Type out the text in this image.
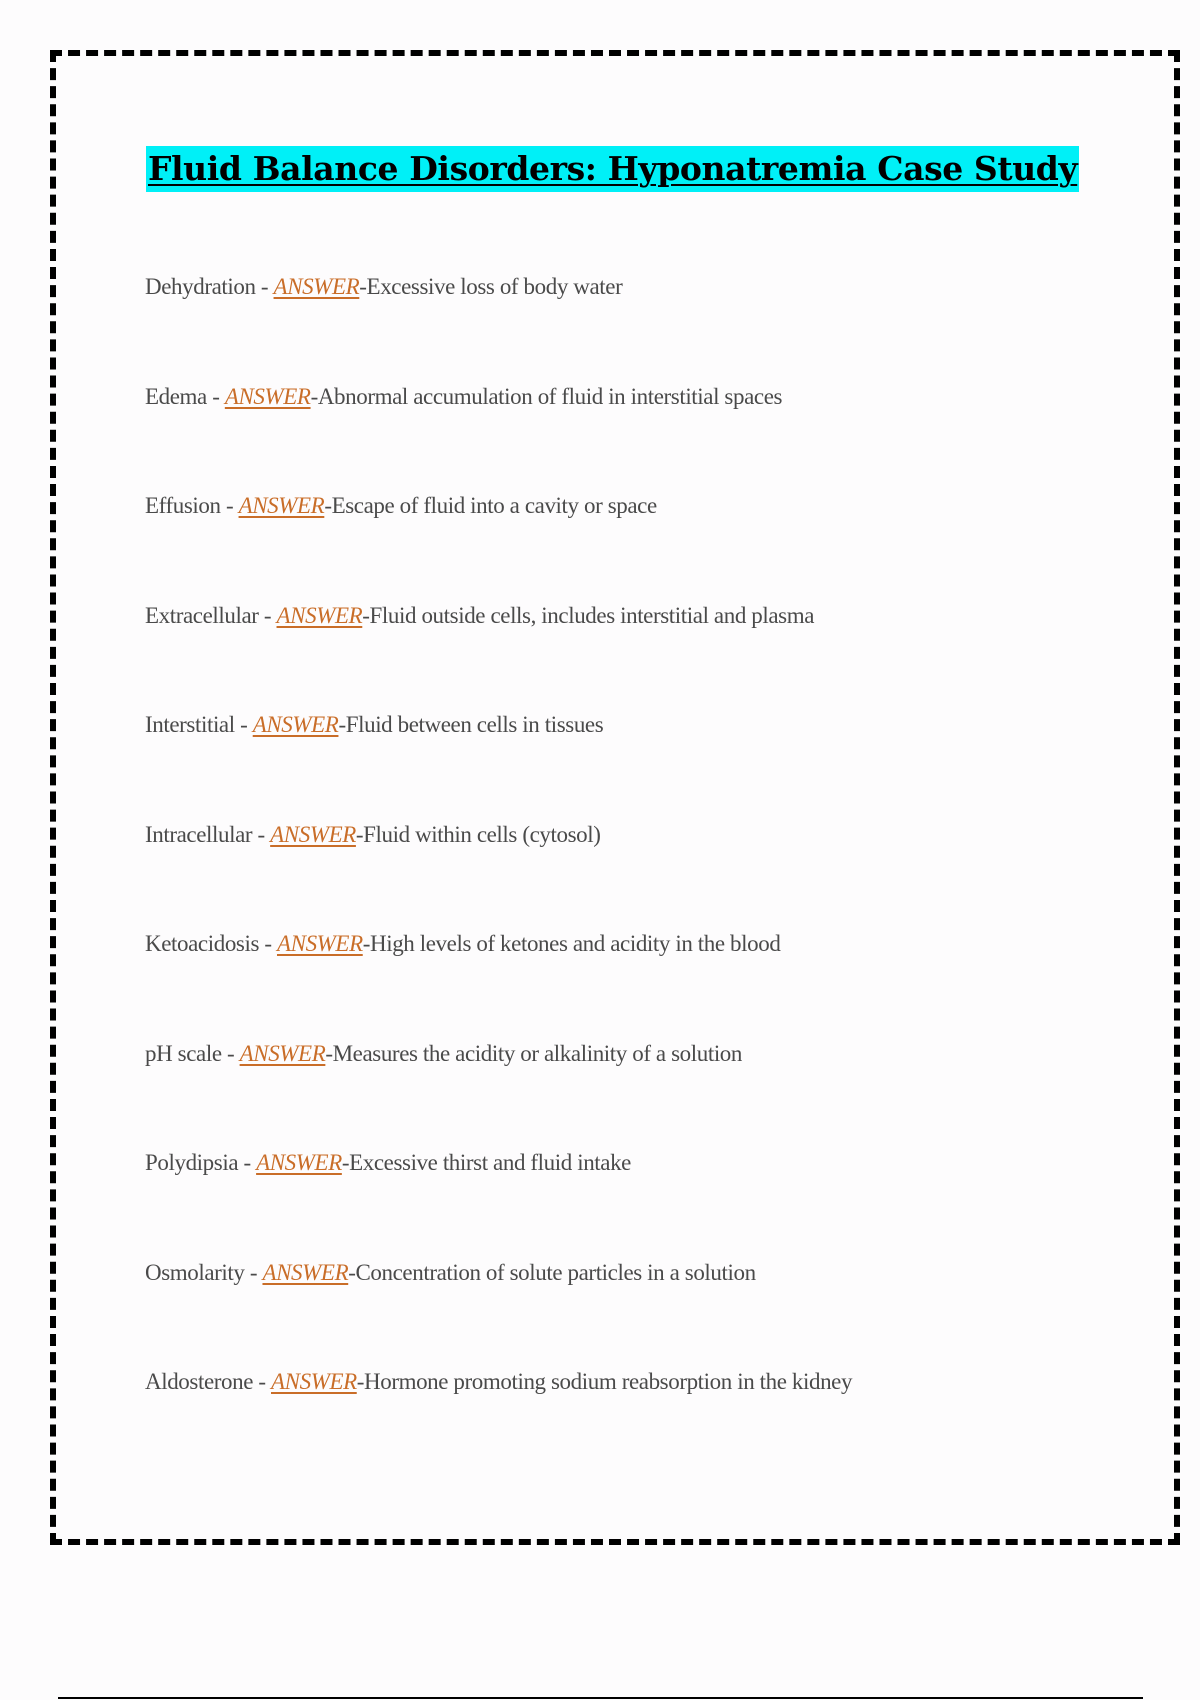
Fluid Balance Disorders: Hyponatremia Case Study
Dehydration - ANSWER-Excessive loss of body water
Edema - ANSWER-Abnormal accumulation of fluid in interstitial spaces
Effusion - ANSWER-Escape of fluid into a cavity or space
Extracellular - ANSWER-Fluid outside cells, includes interstitial and plasma
Interstitial - ANSWER-Fluid between cells in tissues
Intracellular - ANSWER-Fluid within cells (cytosol)
Ketoacidosis - ANSWER-High levels of ketones and acidity in the blood
pH scale - ANSWER-Measures the acidity or alkalinity of a solution
Polydipsia - ANSWER-Excessive thirst and fluid intake
Osmolarity - ANSWER-Concentration of solute particles in a solution
Aldosterone - ANSWER-Hormone promoting sodium reabsorption in the kidney
